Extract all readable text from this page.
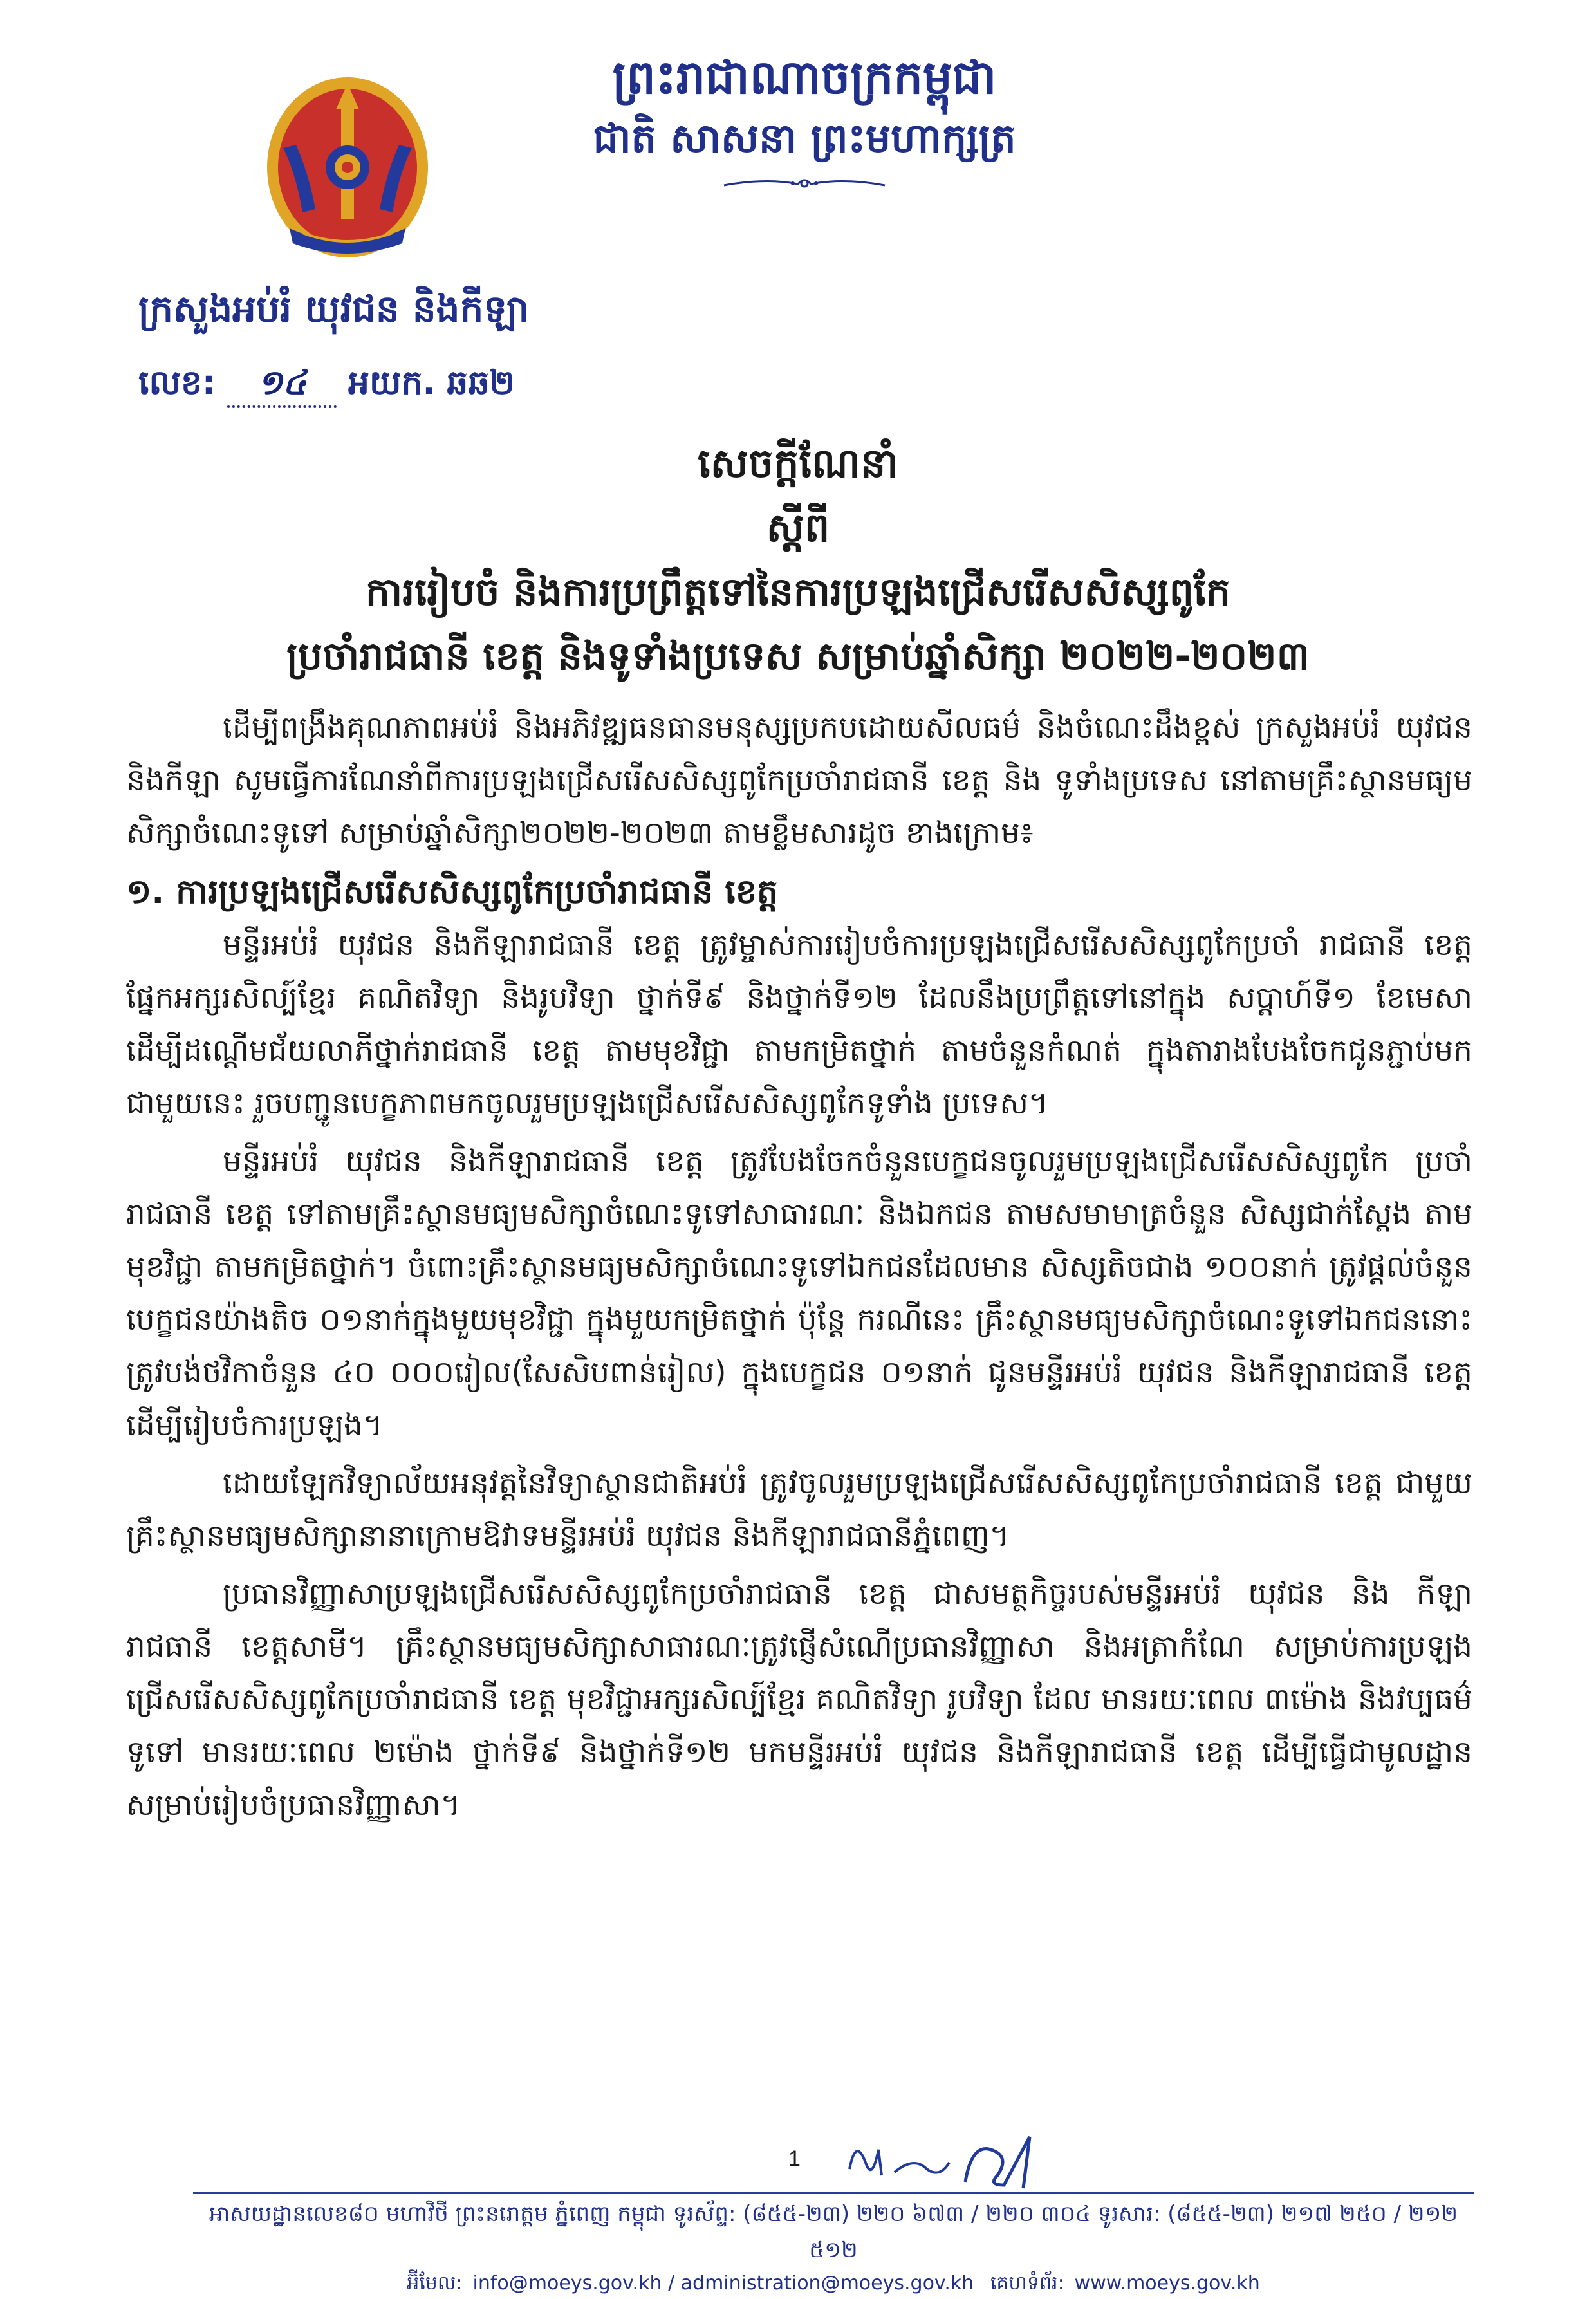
ព្រះរាជាណាចក្រកម្ពុជា
ជាតិ សាសនា ព្រះមហាក្សត្រ
ក្រសួងអប់រំ យុវជន និងកីឡា
លេខ: ១៤ អយក. ឆឆ២
សេចក្តីណែនាំ
ស្តីពី
ការរៀបចំ និងការប្រព្រឹត្តទៅនៃការប្រឡងជ្រើសរើសសិស្សពូកែ
ប្រចាំរាជធានី ខេត្ត និងទូទាំងប្រទេស សម្រាប់ឆ្នាំសិក្សា ២០២២-២០២៣

ដើម្បីពង្រឹងគុណភាពអប់រំ និងអភិវឌ្ឍធនធានមនុស្សប្រកបដោយសីលធម៌ និងចំណេះដឹងខ្ពស់ ក្រសួងអប់រំ យុវជន និងកីឡា សូមធ្វើការណែនាំពីការប្រឡងជ្រើសរើសសិស្សពូកែប្រចាំរាជធានី ខេត្ត និង ទូទាំងប្រទេស នៅតាមគ្រឹះស្ថានមធ្យមសិក្សាចំណេះទូទៅ សម្រាប់ឆ្នាំសិក្សា២០២២-២០២៣ តាមខ្លឹមសារដូច ខាងក្រោម៖

១. ការប្រឡងជ្រើសរើសសិស្សពូកែប្រចាំរាជធានី ខេត្ត

មន្ទីរអប់រំ យុវជន និងកីឡារាជធានី ខេត្ត ត្រូវម្ចាស់ការរៀបចំការប្រឡងជ្រើសរើសសិស្សពូកែប្រចាំ រាជធានី ខេត្ត ផ្នែកអក្សរសិល្ប៍ខ្មែរ គណិតវិទ្យា និងរូបវិទ្យា ថ្នាក់ទី៩ និងថ្នាក់ទី១២ ដែលនឹងប្រព្រឹត្តទៅនៅក្នុង សប្តាហ៍ទី១ ខែមេសា ដើម្បីដណ្តើមជ័យលាភីថ្នាក់រាជធានី ខេត្ត តាមមុខវិជ្ជា តាមកម្រិតថ្នាក់ តាមចំនួនកំណត់ ក្នុងតារាងបែងចែកជូនភ្ជាប់មកជាមួយនេះ រួចបញ្ជូនបេក្ខភាពមកចូលរួមប្រឡងជ្រើសរើសសិស្សពូកែទូទាំង ប្រទេស។

មន្ទីរអប់រំ យុវជន និងកីឡារាជធានី ខេត្ត ត្រូវបែងចែកចំនួនបេក្ខជនចូលរួមប្រឡងជ្រើសរើសសិស្សពូកែ ប្រចាំរាជធានី ខេត្ត ទៅតាមគ្រឹះស្ថានមធ្យមសិក្សាចំណេះទូទៅសាធារណៈ និងឯកជន តាមសមាមាត្រចំនួន សិស្សជាក់ស្តែង តាមមុខវិជ្ជា តាមកម្រិតថ្នាក់។ ចំពោះគ្រឹះស្ថានមធ្យមសិក្សាចំណេះទូទៅឯកជនដែលមាន សិស្សតិចជាង ១០០នាក់ ត្រូវផ្តល់ចំនួនបេក្ខជនយ៉ាងតិច ០១នាក់ក្នុងមួយមុខវិជ្ជា ក្នុងមួយកម្រិតថ្នាក់ ប៉ុន្តែ ករណីនេះ គ្រឹះស្ថានមធ្យមសិក្សាចំណេះទូទៅឯកជននោះ ត្រូវបង់ថវិកាចំនួន ៤០ ០០០រៀល(សែសិបពាន់រៀល) ក្នុងបេក្ខជន ០១នាក់ ជូនមន្ទីរអប់រំ យុវជន និងកីឡារាជធានី ខេត្ត ដើម្បីរៀបចំការប្រឡង។

ដោយឡែកវិទ្យាល័យអនុវត្តនៃវិទ្យាស្ថានជាតិអប់រំ ត្រូវចូលរួមប្រឡងជ្រើសរើសសិស្សពូកែប្រចាំរាជធានី ខេត្ត ជាមួយគ្រឹះស្ថានមធ្យមសិក្សានានាក្រោមឱវាទមន្ទីរអប់រំ យុវជន និងកីឡារាជធានីភ្នំពេញ។

ប្រធានវិញ្ញាសាប្រឡងជ្រើសរើសសិស្សពូកែប្រចាំរាជធានី ខេត្ត ជាសមត្ថកិច្ចរបស់មន្ទីរអប់រំ យុវជន និង កីឡារាជធានី ខេត្តសាមី។ គ្រឹះស្ថានមធ្យមសិក្សាសាធារណៈត្រូវផ្ញើសំណើប្រធានវិញ្ញាសា និងអត្រាកំណែ សម្រាប់ការប្រឡងជ្រើសរើសសិស្សពូកែប្រចាំរាជធានី ខេត្ត មុខវិជ្ជាអក្សរសិល្ប៍ខ្មែរ គណិតវិទ្យា រូបវិទ្យា ដែល មានរយៈពេល ៣ម៉ោង និងវប្បធម៌ទូទៅ មានរយៈពេល ២ម៉ោង ថ្នាក់ទី៩ និងថ្នាក់ទី១២ មកមន្ទីរអប់រំ យុវជន និងកីឡារាជធានី ខេត្ត ដើម្បីធ្វើជាមូលដ្ឋានសម្រាប់រៀបចំប្រធានវិញ្ញាសា។

1
អាសយដ្ឋានលេខ៨០ មហាវិថី ព្រះនរោត្តម ភ្នំពេញ កម្ពុជា ទូរស័ព្ទ: (៨៥៥-២៣) ២២០ ៦៧៣ / ២២០ ៣០៤ ទូរសារ: (៨៥៥-២៣) ២១៧ ២៥០ / ២១២ ៥១២
អ៊ីមែល: info@moeys.gov.kh / administration@moeys.gov.kh គេហទំព័រ: www.moeys.gov.kh
